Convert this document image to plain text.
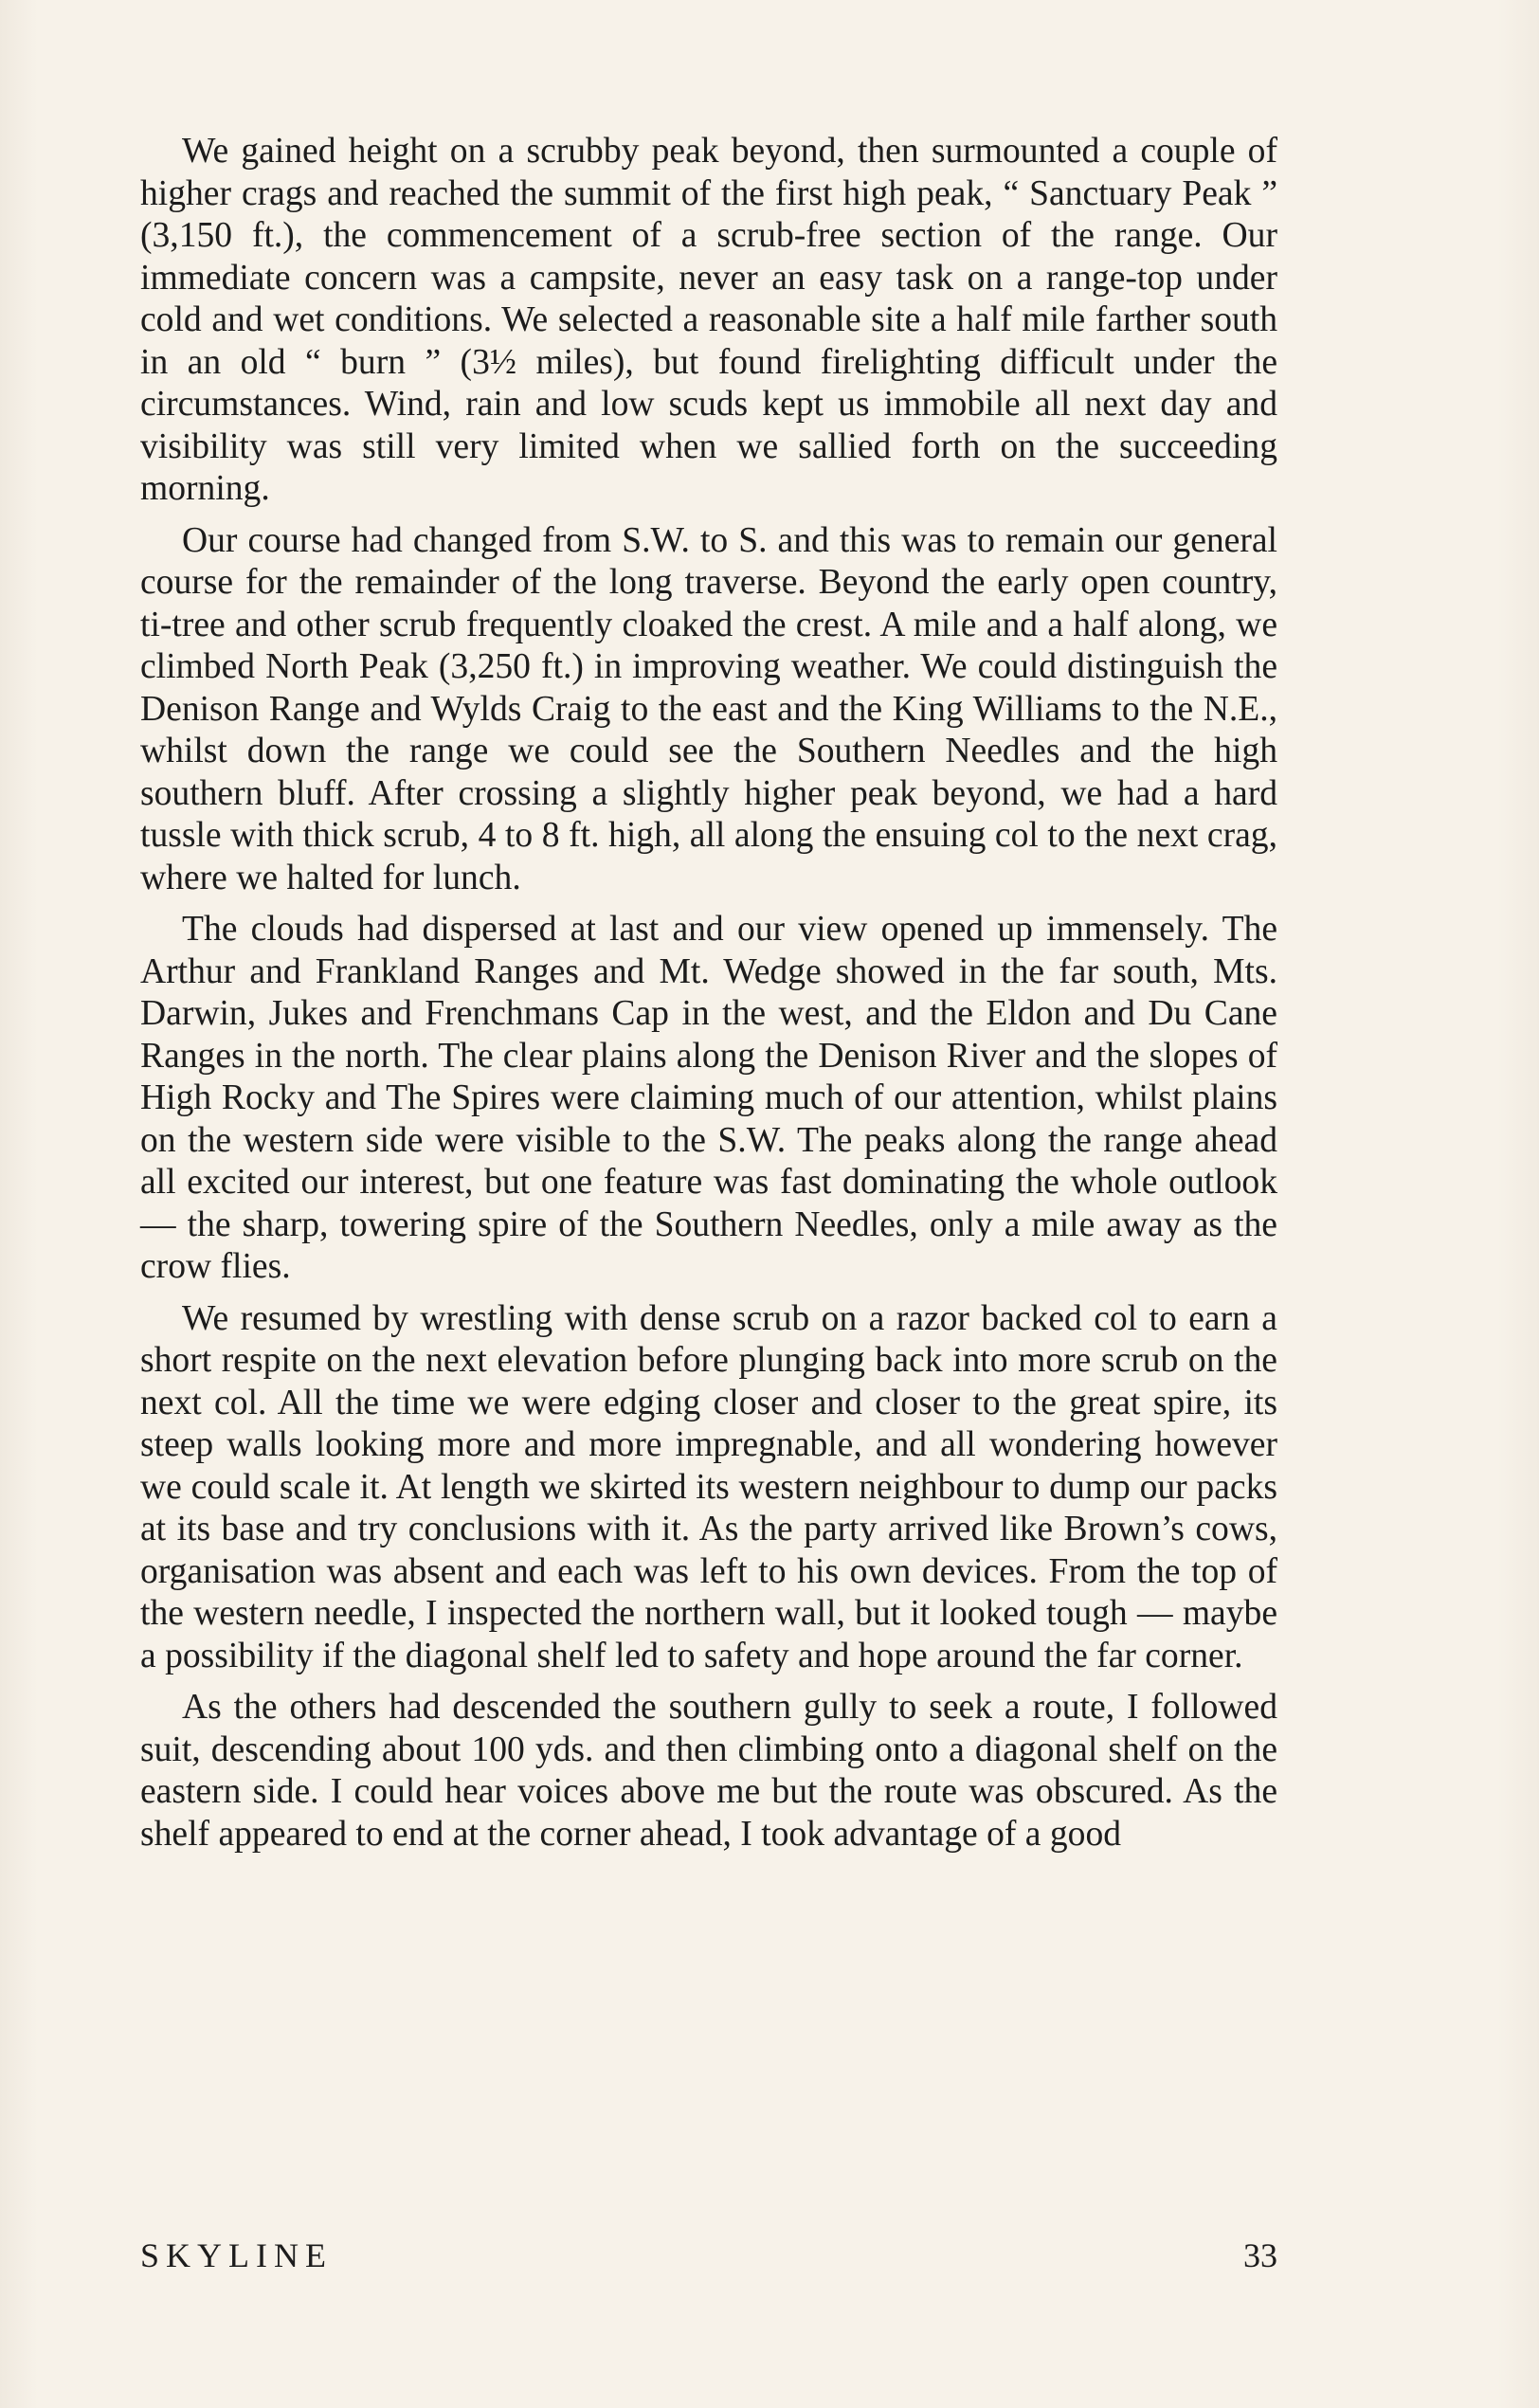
We gained height on a scrubby peak beyond, then surmounted a couple of higher crags and reached the summit of the first high peak, “ Sanctuary Peak ” (3,150 ft.), the commencement of a scrub-free section of the range. Our immediate concern was a campsite, never an easy task on a range-top under cold and wet conditions. We selected a reasonable site a half mile farther south in an old “ burn ” (3½ miles), but found firelighting difficult under the circumstances. Wind, rain and low scuds kept us immobile all next day and visibility was still very limited when we sallied forth on the succeeding morning.

Our course had changed from S.W. to S. and this was to remain our general course for the remainder of the long traverse. Beyond the early open country, ti-tree and other scrub frequently cloaked the crest. A mile and a half along, we climbed North Peak (3,250 ft.) in improving weather. We could distinguish the Denison Range and Wylds Craig to the east and the King Williams to the N.E., whilst down the range we could see the Southern Needles and the high southern bluff. After crossing a slightly higher peak beyond, we had a hard tussle with thick scrub, 4 to 8 ft. high, all along the ensuing col to the next crag, where we halted for lunch.

The clouds had dispersed at last and our view opened up immensely. The Arthur and Frankland Ranges and Mt. Wedge showed in the far south, Mts. Darwin, Jukes and Frenchmans Cap in the west, and the Eldon and Du Cane Ranges in the north. The clear plains along the Denison River and the slopes of High Rocky and The Spires were claiming much of our attention, whilst plains on the western side were visible to the S.W. The peaks along the range ahead all excited our interest, but one feature was fast dominating the whole outlook — the sharp, towering spire of the Southern Needles, only a mile away as the crow flies.

We resumed by wrestling with dense scrub on a razor backed col to earn a short respite on the next elevation before plunging back into more scrub on the next col. All the time we were edging closer and closer to the great spire, its steep walls looking more and more impregnable, and all wondering however we could scale it. At length we skirted its western neighbour to dump our packs at its base and try conclusions with it. As the party arrived like Brown’s cows, organisation was absent and each was left to his own devices. From the top of the western needle, I inspected the northern wall, but it looked tough — maybe a possibility if the diagonal shelf led to safety and hope around the far corner.

As the others had descended the southern gully to seek a route, I followed suit, descending about 100 yds. and then climbing onto a diagonal shelf on the eastern side. I could hear voices above me but the route was obscured. As the shelf appeared to end at the corner ahead, I took advantage of a good

SKYLINE	33
